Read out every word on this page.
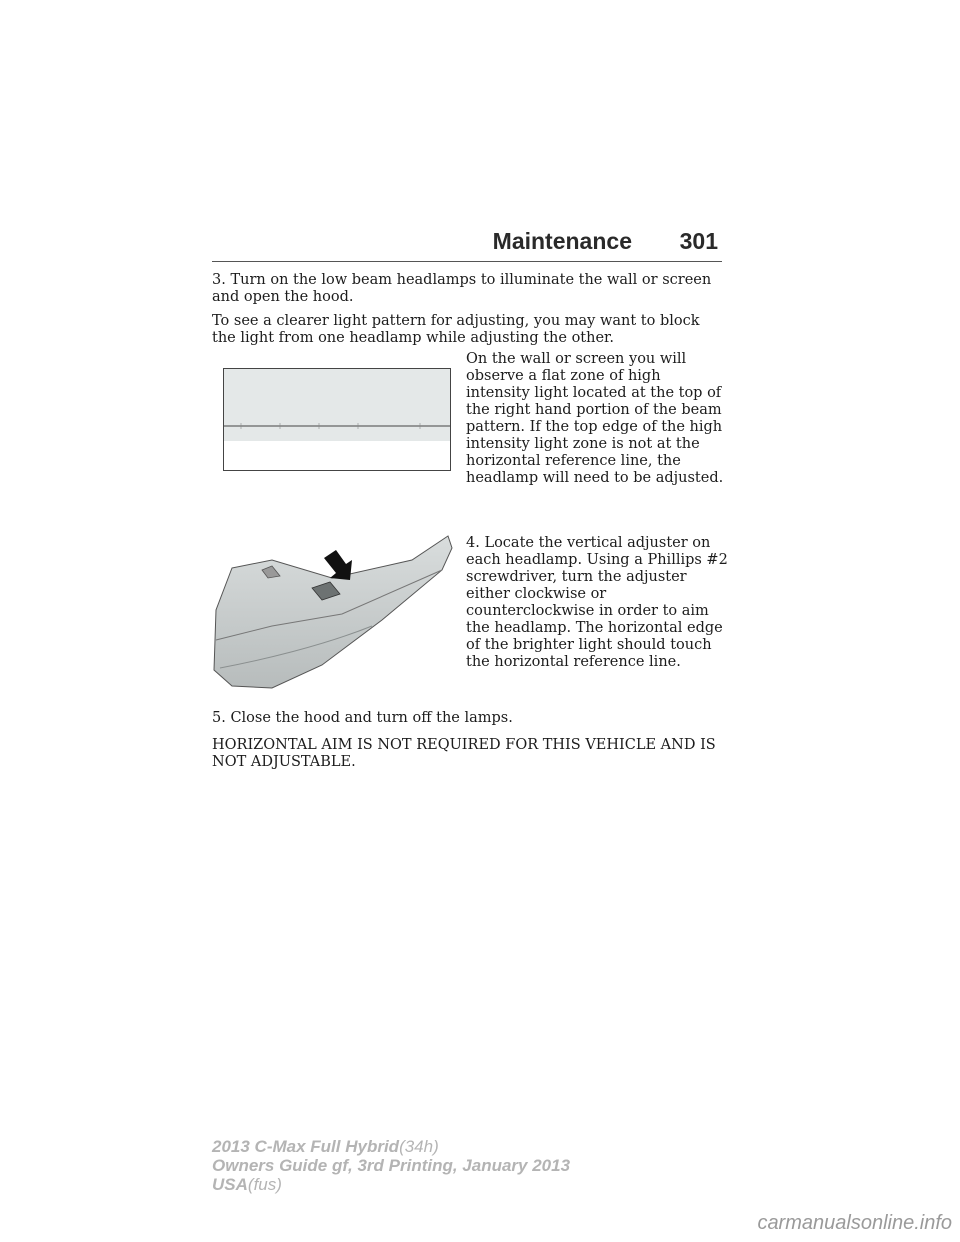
Maintenance 301
3. Turn on the low beam headlamps to illuminate the wall or screen and open the hood.
To see a clearer light pattern for adjusting, you may want to block the light from one headlamp while adjusting the other.
On the wall or screen you will observe a flat zone of high intensity light located at the top of the right hand portion of the beam pattern. If the top edge of the high intensity light zone is not at the horizontal reference line, the headlamp will need to be adjusted.
4. Locate the vertical adjuster on each headlamp. Using a Phillips #2 screwdriver, turn the adjuster either clockwise or counterclockwise in order to aim the headlamp. The horizontal edge of the brighter light should touch the horizontal reference line.
5. Close the hood and turn off the lamps.
HORIZONTAL AIM IS NOT REQUIRED FOR THIS VEHICLE AND IS NOT ADJUSTABLE.
2013 C-Max Full Hybrid(34h)
Owners Guide gf, 3rd Printing, January 2013
USA(fus)
carmanualsonline.info
